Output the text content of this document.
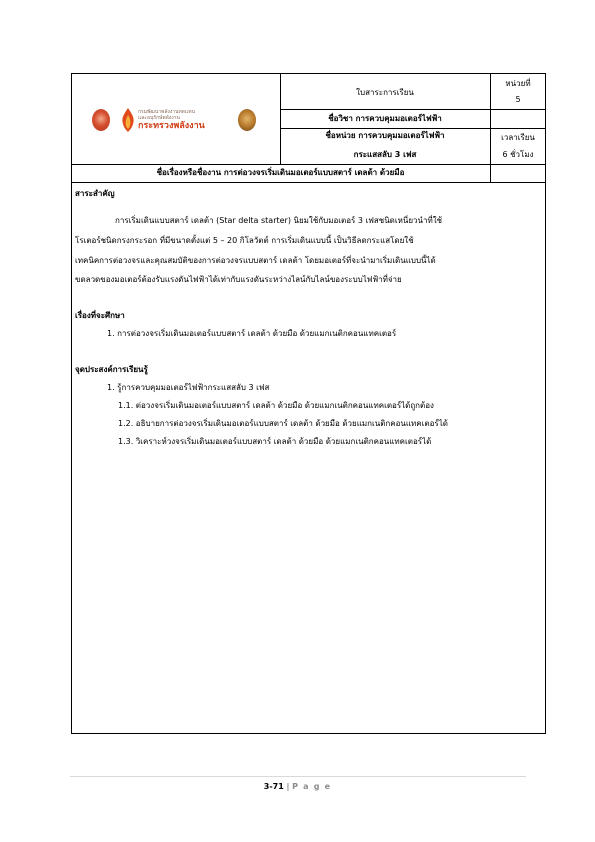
กรมพัฒนาพลังงานทดแทน
และอนุรักษ์พลังงาน
กระทรวงพลังงาน
ใบสาระการเรียน
หน่วยที่
5
ชื่อวิชา การควบคุมมอเตอร์ไฟฟ้า
ชื่อหน่วย การควบคุมมอเตอร์ไฟฟ้า
กระแสสลับ 3 เฟส
เวลาเรียน
6 ชั่วโมง
ชื่อเรื่องหรือชื่องาน การต่อวงจรเริ่มเดินมอเตอร์แบบสตาร์ เดลต้า ด้วยมือ
สาระสำคัญ
การเริ่มเดินแบบสตาร์ เดลต้า (Star delta starter) นิยมใช้กับมอเตอร์ 3 เฟสชนิดเหนี่ยวนำที่ใช้
โรเตอร์ชนิดกรงกระรอก ที่มีขนาดตั้งแต่ 5 – 20 กิโลวัตต์ การเริ่มเดินแบบนี้ เป็นวิธีลดกระแสโดยใช้
เทคนิคการต่อวงจรและคุณสมบัติของการต่อวงจรแบบสตาร์ เดลต้า โดยมอเตอร์ที่จะนำมาเริ่มเดินแบบนี้ได้
ขดลวดของมอเตอร์ต้องรับแรงดันไฟฟ้าได้เท่ากับแรงดันระหว่างไลน์กับไลน์ของระบบไฟฟ้าที่จ่าย
เรื่องที่จะศึกษา
1. การต่อวงจรเริ่มเดินมอเตอร์แบบสตาร์ เดลต้า ด้วยมือ ด้วยแมกเนติกคอนแทคเตอร์
จุดประสงค์การเรียนรู้
1. รู้การควบคุมมอเตอร์ไฟฟ้ากระแสสลับ 3 เฟส
1.1. ต่อวงจรเริ่มเดินมอเตอร์แบบสตาร์ เดลต้า ด้วยมือ ด้วยแมกเนติกคอนแทคเตอร์ได้ถูกต้อง
1.2. อธิบายการต่อวงจรเริ่มเดินมอเตอร์แบบสตาร์ เดลต้า ด้วยมือ ด้วยแมกเนติกคอนแทคเตอร์ได้
1.3. วิเคราะห์วงจรเริ่มเดินมอเตอร์แบบสตาร์ เดลต้า ด้วยมือ ด้วยแมกเนติกคอนแทคเตอร์ได้
3-71 | P a g e
